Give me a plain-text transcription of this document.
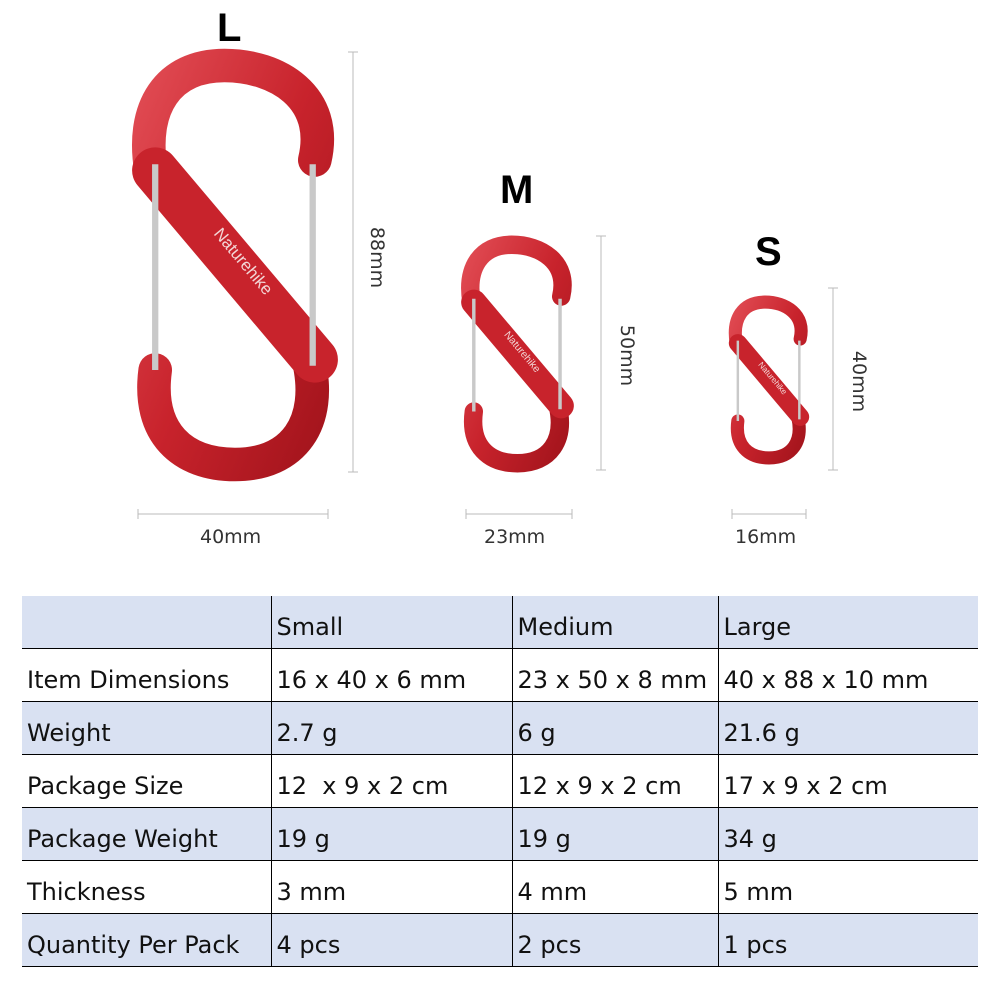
L
M
S
Naturehike	88mm
40mm
Naturehike	50mm
23mm
Naturehike	40mm
16mm
	Small	Medium	Large
Item Dimensions	16 x 40 x 6 mm	23 x 50 x 8 mm	40 x 88 x 10 mm
Weight	2.7 g	6 g	21.6 g
Package Size	12  x 9 x 2 cm	12 x 9 x 2 cm	17 x 9 x 2 cm
Package Weight	19 g	19 g	34 g
Thickness	3 mm	4 mm	5 mm
Quantity Per Pack	4 pcs	2 pcs	1 pcs
